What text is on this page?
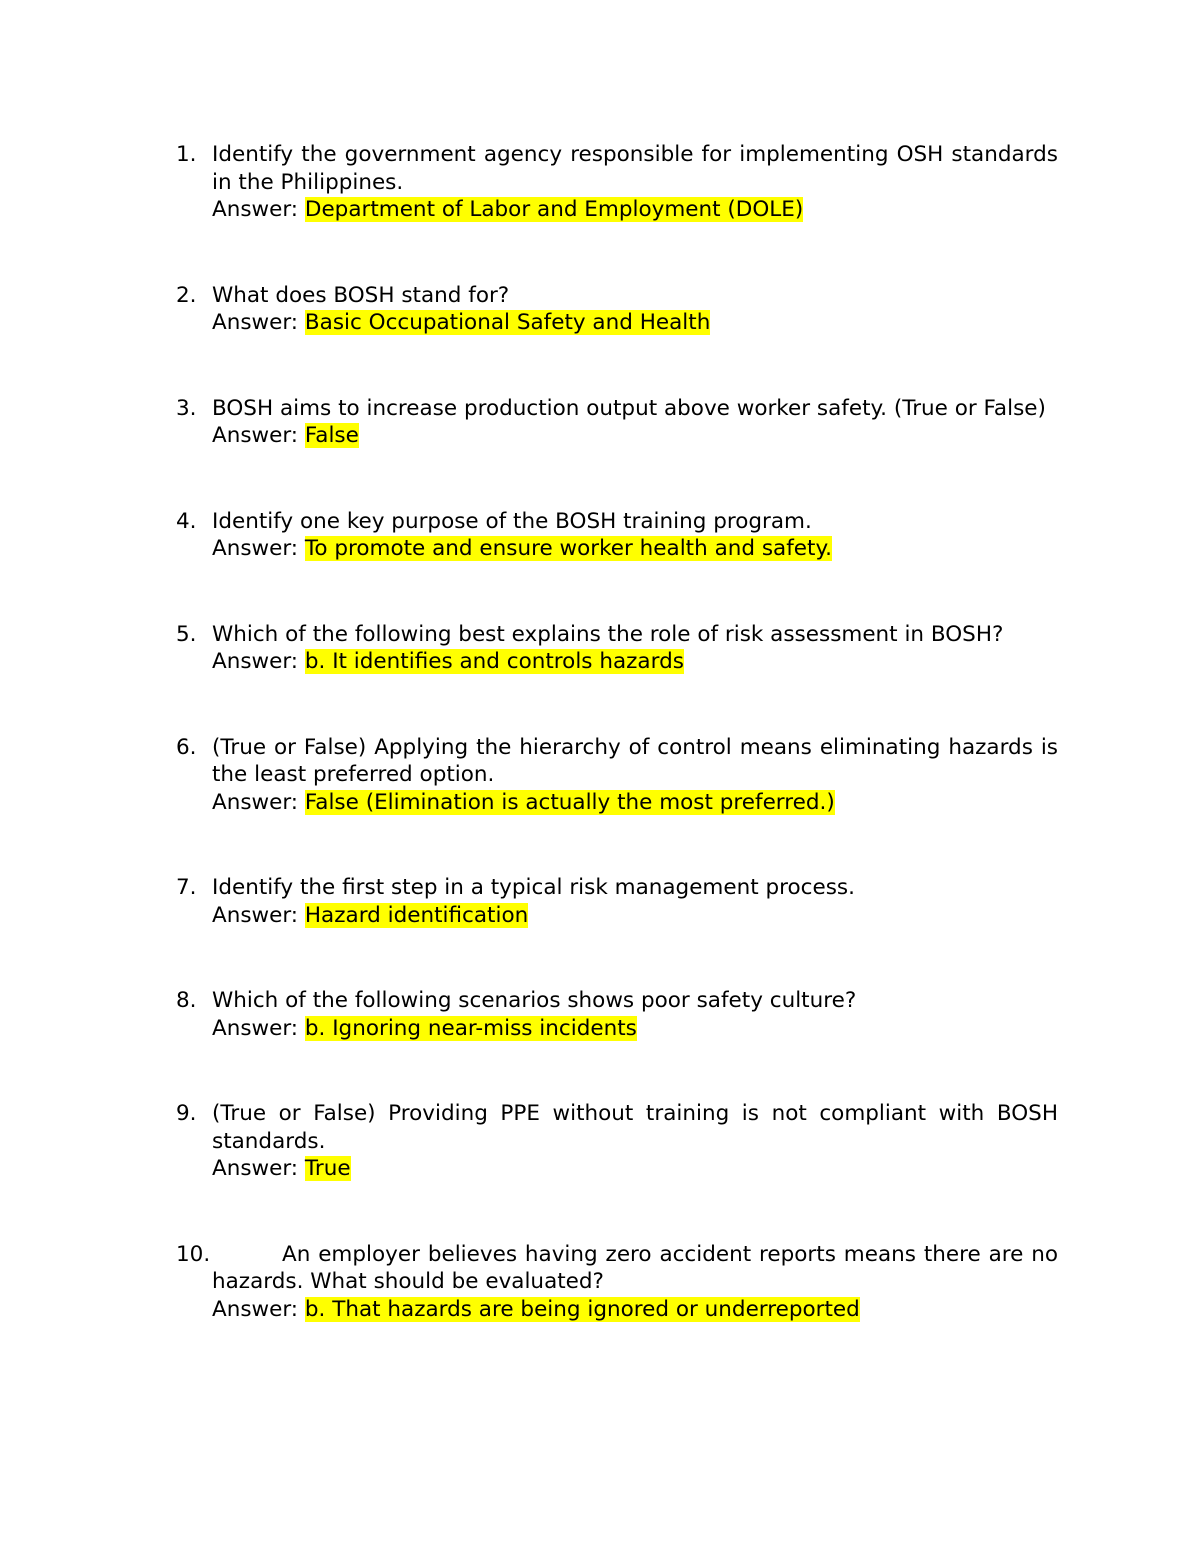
1. Identify the government agency responsible for implementing OSH standards in the Philippines.
Answer: Department of Labor and Employment (DOLE)
2. What does BOSH stand for?
Answer: Basic Occupational Safety and Health
3. BOSH aims to increase production output above worker safety. (True or False)
Answer: False
4. Identify one key purpose of the BOSH training program.
Answer: To promote and ensure worker health and safety.
5. Which of the following best explains the role of risk assessment in BOSH?
Answer: b. It identifies and controls hazards
6. (True or False) Applying the hierarchy of control means eliminating hazards is the least preferred option.
Answer: False (Elimination is actually the most preferred.)
7. Identify the first step in a typical risk management process.
Answer: Hazard identification
8. Which of the following scenarios shows poor safety culture?
Answer: b. Ignoring near-miss incidents
9. (True or False) Providing PPE without training is not compliant with BOSH standards.
Answer: True
10.	An employer believes having zero accident reports means there are no hazards. What should be evaluated?
Answer: b. That hazards are being ignored or underreported
